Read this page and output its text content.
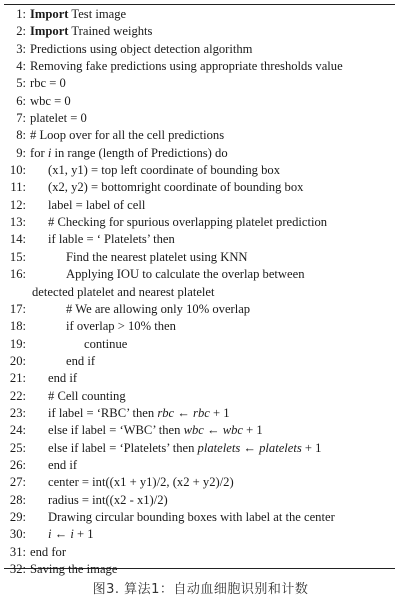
1: Import Test image
2: Import Trained weights
3: Predictions using object detection algorithm
4: Removing fake predictions using appropriate thresholds value
5: rbc = 0
6: wbc = 0
7: platelet = 0
8: # Loop over for all the cell predictions
9: for i in range (length of Predictions) do
10: (x1, y1) = top left coordinate of bounding box
11: (x2, y2) = bottomright coordinate of bounding box
12: label = label of cell
13: # Checking for spurious overlapping platelet prediction
14: if lable = ‘ Platelets’ then
15:	Find the nearest platelet using KNN
16:	Applying IOU to calculate the overlap between
detected platelet and nearest platelet
17:	# We are allowing only 10% overlap
18:	if overlap > 10% then
19:	continue
20:	end if
21: end if
22: # Cell counting
23: if label = ‘RBC’ then rbc ← rbc + 1
24: else if label = ‘WBC’ then wbc ← wbc + 1
25: else if label = ‘Platelets’ then platelets ← platelets + 1
26: end if
27: center = int((x1 + y1)/2, (x2 + y2)/2)
28: radius = int((x2 - x1)/2)
29: Drawing circular bounding boxes with label at the center
30: i ← i + 1
31: end for
32: Saving the image
图3. 算法1：自动血细胞识别和计数
